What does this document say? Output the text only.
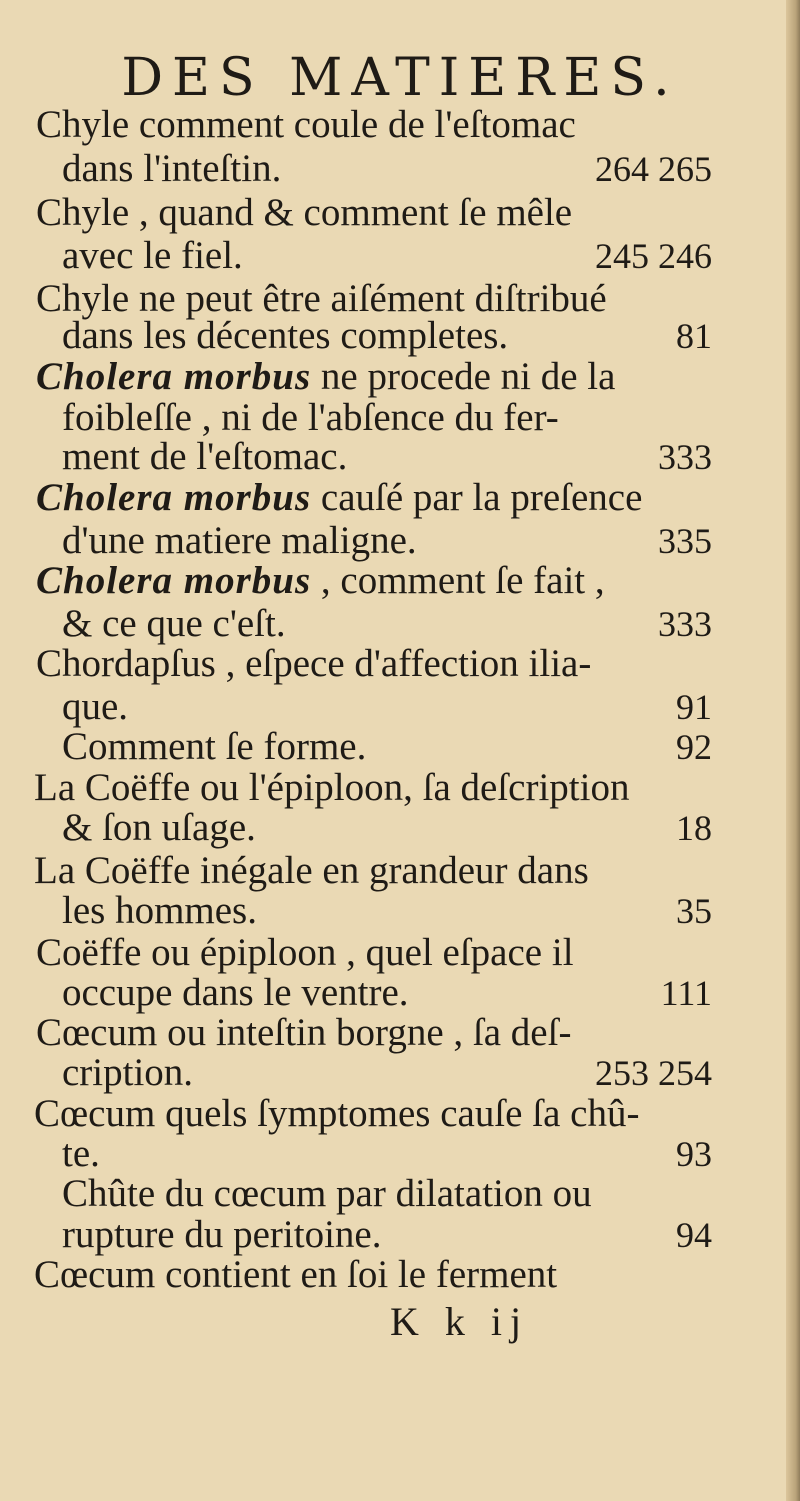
DES MATIERES.
Chyle comment coule de l'eſtomac
dans l'inteſtin.	264 265
Chyle , quand & comment ſe mêle
avec le fiel.	245 246
Chyle ne peut être aiſément diſtribué
dans les décentes completes.	81
Cholera morbus ne procede ni de la
foibleſſe , ni de l'abſence du fer-
ment de l'eſtomac.	333
Cholera morbus cauſé par la preſence
d'une matiere maligne.	335
Cholera morbus , comment ſe fait ,
& ce que c'eſt.	333
Chordapſus , eſpece d'affection ilia-
que.	91
Comment ſe forme.	92
La Coëffe ou l'épiploon, ſa deſcription
& ſon uſage.	18
La Coëffe inégale en grandeur dans
les hommes.	35
Coëffe ou épiploon , quel eſpace il
occupe dans le ventre.	111
Cœcum ou inteſtin borgne , ſa deſ-
cription.	253 254
Cœcum quels ſymptomes cauſe ſa chû-
te.	93
Chûte du cœcum par dilatation ou
rupture du peritoine.	94
Cœcum contient en ſoi le ferment
K k ij
